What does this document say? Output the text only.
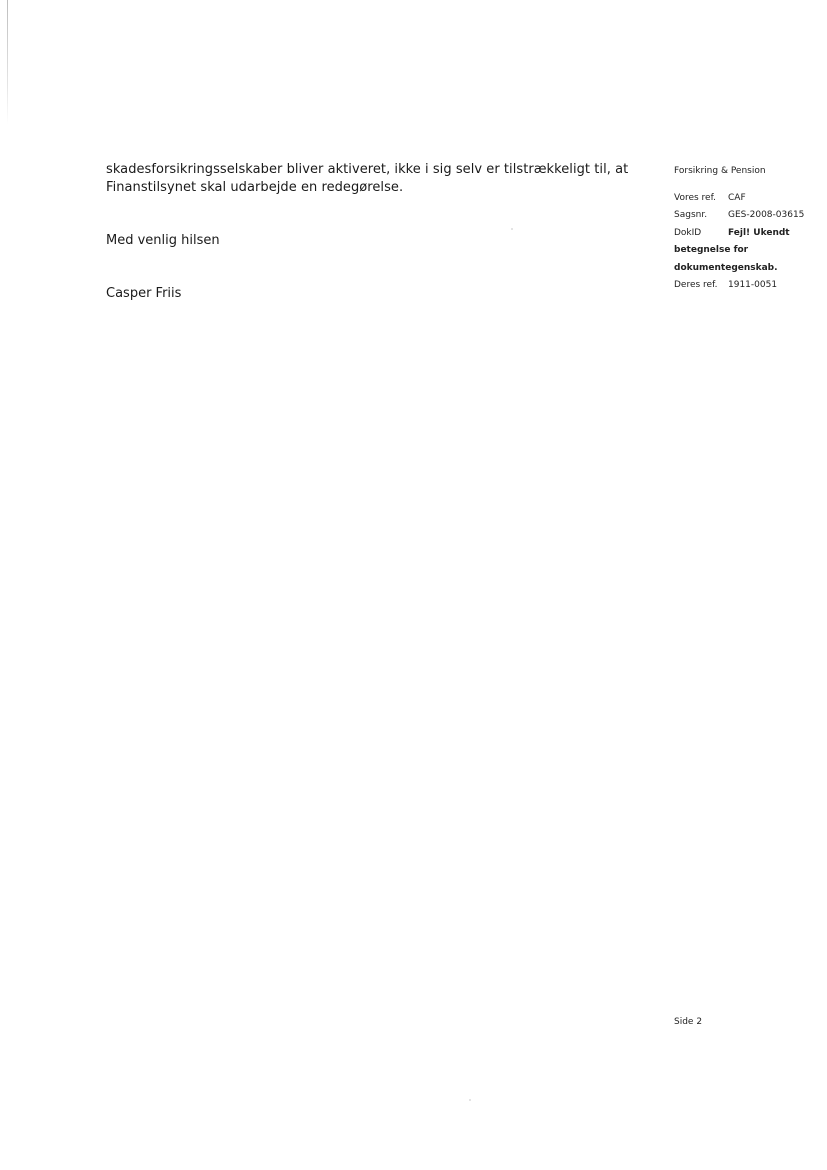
skadesforsikringsselskaber bliver aktiveret, ikke i sig selv er tilstrækkeligt til, at

Finanstilsynet skal udarbejde en redegørelse.

Med venlig hilsen
Casper Friis
Forsikring & Pension
Vores ref.	CAF
Sagsnr.	GES-2008-03615
DokID	Fejl! Ukendt
betegnelse for
dokumentegenskab.
Deres ref.	1911-0051
Side 2
